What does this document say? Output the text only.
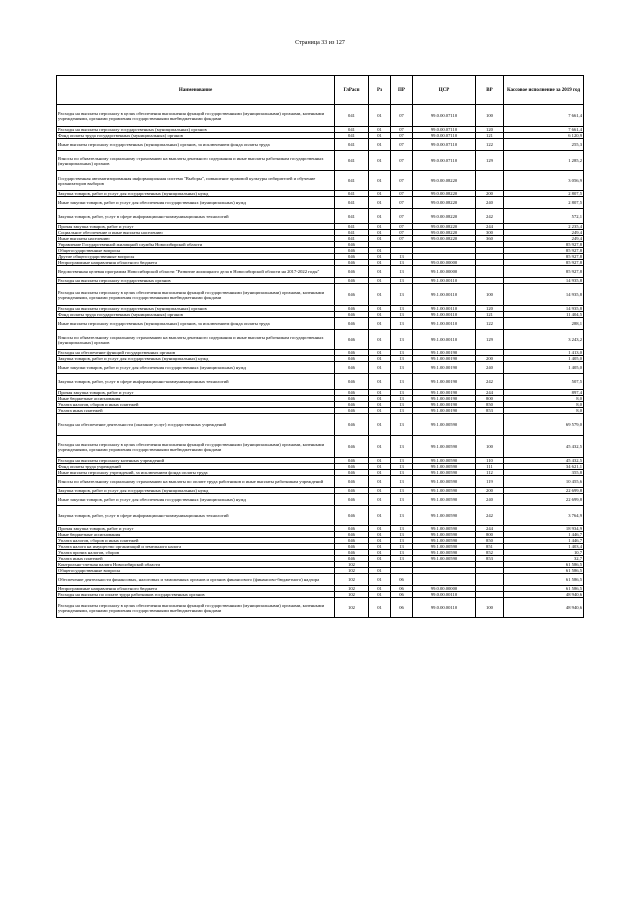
Страница 33 из 127
Наименование	ГлРасп	Рз	ПР	ЦСР	ВР	Кассовое исполнение за 2019 год
Расходы на выплаты персоналу в целях обеспечения выполнения функций государственными (муниципальными) органами, казенными учреждениями, органами управления государственными внебюджетными фондами	041	01	07	99.0.00.07110	100	7 661,4
Расходы на выплаты персоналу государственных (муниципальных) органов	041	01	07	99.0.00.07110	120	7 661,4
Фонд оплаты труда государственных (муниципальных) органов	041	01	07	99.0.00.07110	121	6 120,9
Иные выплаты персоналу государственных (муниципальных) органов, за исключением фонда оплаты труда	041	01	07	99.0.00.07110	122	255,3
Взносы по обязательному социальному страхованию на выплаты денежного содержания и иные выплаты работникам государственных (муниципальных) органов	041	01	07	99.0.00.07110	129	1 285,2
Государственная автоматизированная информационная система "Выборы", повышение правовой культуры избирателей и обучение организаторов выборов	041	01	07	99.0.00.08220		3 056,9
Закупка товаров, работ и услуг для государственных (муниципальных) нужд	041	01	07	99.0.00.08220	200	2 807,5
Иные закупки товаров, работ и услуг для обеспечения государственных (муниципальных) нужд	041	01	07	99.0.00.08220	240	2 807,5
Закупка товаров, работ, услуг в сфере информационно-коммуникационных технологий	041	01	07	99.0.00.08220	242	572,1
Прочая закупка товаров, работ и услуг	041	01	07	99.0.00.08220	244	2 235,4
Социальное обеспечение и иные выплаты населению	041	01	07	99.0.00.08220	300	249,4
Иные выплаты населению	041	01	07	99.0.00.08220	360	249,4
Управление Государственной жилищной службы Новосибирской области	046					85 927,8
Общегосударственные вопросы	046	01				85 927,8
Другие общегосударственные вопросы	046	01	13			85 927,8
Непрограммные направления областного бюджета	046	01	13	99.0.00.00000		85 927,8
Ведомственная целевая программа Новосибирской области "Развитие жилищного дела в Новосибирской области на 2017-2022 годы"	046	01	13	99.1.00.00000		85 927,8
Расходы на выплаты персоналу государственных органов	046	01	13	99.1.00.00110		14 935,8
Расходы на выплаты персоналу в целях обеспечения выполнения функций государственными (муниципальными) органами, казенными учреждениями, органами управления государственными внебюджетными фондами	046	01	13	99.1.00.00110	100	14 935,8
Расходы на выплаты персоналу государственных (муниципальных) органов	046	01	13	99.1.00.00110	120	14 935,8
Фонд оплаты труда государственных (муниципальных) органов	046	01	13	99.1.00.00110	121	11 404,5
Иные выплаты персоналу государственных (муниципальных) органов, за исключением фонда оплаты труда	046	01	13	99.1.00.00110	122	288,1
Взносы по обязательному социальному страхованию на выплаты денежного содержания и иные выплаты работникам государственных (муниципальных) органов	046	01	13	99.1.00.00110	129	3 243,2
Расходы на обеспечение функций государственных органов	046	01	13	99.1.00.00190		1 413,0
Закупка товаров, работ и услуг для государственных (муниципальных) нужд	046	01	13	99.1.00.00190	200	1 405,0
Иные закупки товаров, работ и услуг для обеспечения государственных (муниципальных) нужд	046	01	13	99.1.00.00190	240	1 405,0
Закупка товаров, работ, услуг в сфере информационно-коммуникационных технологий	046	01	13	99.1.00.00190	242	507,5
Прочая закупка товаров, работ и услуг	046	01	13	99.1.00.00190	244	897,4
Иные бюджетные ассигнования	046	01	13	99.1.00.00190	800	8,0
Уплата налогов, сборов и иных платежей	046	01	13	99.1.00.00190	850	8,0
Уплата иных платежей	046	01	13	99.1.00.00190	853	8,0
Расходы на обеспечение деятельности (оказание услуг) государственных учреждений	046	01	13	99.1.00.00590		69 579,0
Расходы на выплаты персоналу в целях обеспечения выполнения функций государственными (муниципальными) органами, казенными учреждениями, органами управления государственными внебюджетными фондами	046	01	13	99.1.00.00590	100	45 432,5
Расходы на выплаты персоналу казенных учреждений	046	01	13	99.1.00.00590	110	45 432,5
Фонд оплаты труда учреждений	046	01	13	99.1.00.00590	111	34 621,1
Иные выплаты персоналу учреждений, за исключением фонда оплаты труда	046	01	13	99.1.00.00590	112	355,8
Взносы по обязательному социальному страхованию на выплаты по оплате труда работников и иные выплаты работникам учреждений	046	01	13	99.1.00.00590	119	10 455,6
Закупка товаров, работ и услуг для государственных (муниципальных) нужд	046	01	13	99.1.00.00590	200	22 699,8
Иные закупки товаров, работ и услуг для обеспечения государственных (муниципальных) нужд	046	01	13	99.1.00.00590	240	22 699,8
Закупка товаров, работ, услуг в сфере информационно-коммуникационных технологий	046	01	13	99.1.00.00590	242	3 764,9
Прочая закупка товаров, работ и услуг	046	01	13	99.1.00.00590	244	18 934,9
Иные бюджетные ассигнования	046	01	13	99.1.00.00590	800	1 446,7
Уплата налогов, сборов и иных платежей	046	01	13	99.1.00.00590	850	1 446,7
Уплата налога на имущество организаций и земельного налога	046	01	13	99.1.00.00590	851	1 403,4
Уплата прочих налогов, сборов	046	01	13	99.1.00.00590	852	10,7
Уплата иных платежей	046	01	13	99.1.00.00590	853	32,7
Контрольно-счетная палата Новосибирской области	102					61 586,5
Общегосударственные вопросы	102	01				61 586,5
Обеспечение деятельности финансовых, налоговых и таможенных органов и органов финансового (финансово-бюджетного) надзора	102	01	06			61 586,5
Непрограммные направления областного бюджета	102	01	06	99.0.00.00000		61 586,5
Расходы на выплаты по оплате труда работников государственных органов	102	01	06	99.0.00.00110		48 940,6
Расходы на выплаты персоналу в целях обеспечения выполнения функций государственными (муниципальными) органами, казенными учреждениями, органами управления государственными внебюджетными фондами	102	01	06	99.0.00.00110	100	48 940,6
